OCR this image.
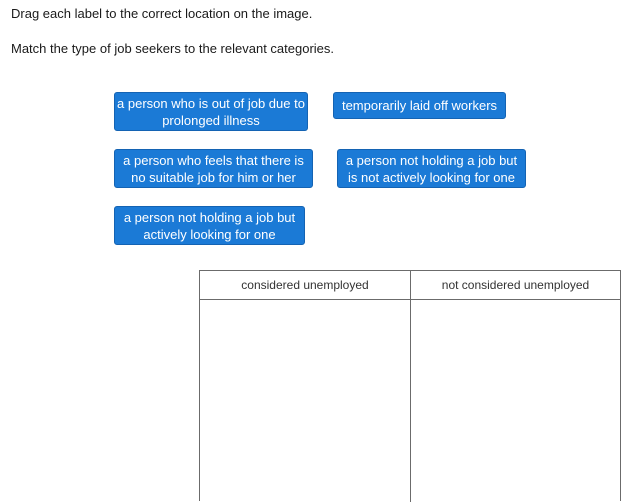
Drag each label to the correct location on the image.
Match the type of job seekers to the relevant categories.
a person who is out of job due to prolonged illness
temporarily laid off workers
a person who feels that there is no suitable job for him or her
a person not holding a job but is not actively looking for one
a person not holding a job but actively looking for one
considered unemployed	not considered unemployed
